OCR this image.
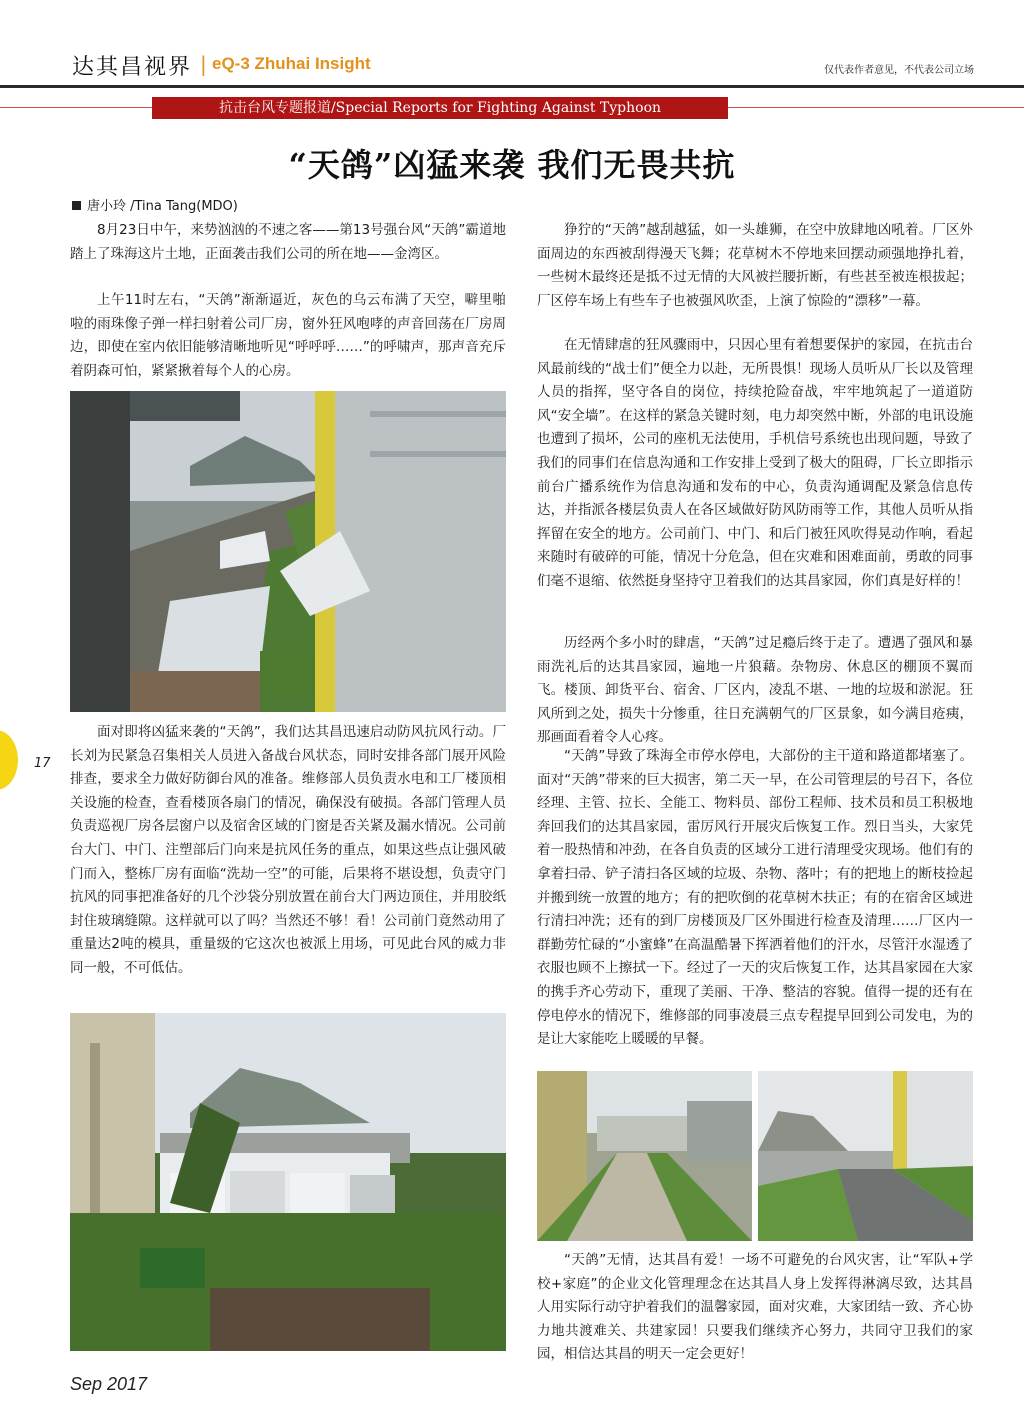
达其昌视界 | eQ-3 Zhuhai Insight	仅代表作者意见，不代表公司立场
抗击台风专题报道/Special Reports for Fighting Against Typhoon
“天鸽”凶猛来袭 我们无畏共抗
唐小玲 /Tina Tang(MDO)

8月23日中午，来势汹汹的不速之客——第13号强台风“天鸽”霸道地踏上了珠海这片土地，正面袭击我们公司的所在地——金湾区。

上午11时左右，“天鸽”渐渐逼近，灰色的乌云布满了天空，噼里啪啦的雨珠像子弹一样扫射着公司厂房，窗外狂风咆哮的声音回荡在厂房周边，即使在室内依旧能够清晰地听见“呼呼呼……”的呼啸声，那声音充斥着阴森可怕，紧紧揪着每个人的心房。

面对即将凶猛来袭的“天鸽”，我们达其昌迅速启动防风抗风行动。厂长刘为民紧急召集相关人员进入备战台风状态，同时安排各部门展开风险排查，要求全力做好防御台风的准备。维修部人员负责水电和工厂楼顶相关设施的检查，查看楼顶各扇门的情况，确保没有破损。各部门管理人员负责巡视厂房各层窗户以及宿舍区域的门窗是否关紧及漏水情况。公司前台大门、中门、注塑部后门向来是抗风任务的重点，如果这些点让强风破门而入，整栋厂房有面临“洗劫一空”的可能，后果将不堪设想，负责守门抗风的同事把准备好的几个沙袋分别放置在前台大门两边顶住，并用胶纸封住玻璃缝隙。这样就可以了吗？当然还不够！看！公司前门竟然动用了重量达2吨的模具，重量级的它这次也被派上用场，可见此台风的威力非同一般，不可低估。

狰狞的“天鸽”越刮越猛，如一头雄狮，在空中放肆地凶吼着。厂区外面周边的东西被刮得漫天飞舞；花草树木不停地来回摆动顽强地挣扎着，一些树木最终还是抵不过无情的大风被拦腰折断，有些甚至被连根拔起；厂区停车场上有些车子也被强风吹歪，上演了惊险的“漂移”一幕。

在无情肆虐的狂风骤雨中，只因心里有着想要保护的家园，在抗击台风最前线的“战士们”便全力以赴，无所畏惧！现场人员听从厂长以及管理人员的指挥，坚守各自的岗位，持续抢险奋战，牢牢地筑起了一道道防风“安全墙”。在这样的紧急关键时刻，电力却突然中断，外部的电讯设施也遭到了损坏，公司的座机无法使用，手机信号系统也出现问题，导致了我们的同事们在信息沟通和工作安排上受到了极大的阻碍，厂长立即指示前台广播系统作为信息沟通和发布的中心，负责沟通调配及紧急信息传达，并指派各楼层负责人在各区域做好防风防雨等工作，其他人员听从指挥留在安全的地方。公司前门、中门、和后门被狂风吹得晃动作响，看起来随时有破碎的可能，情况十分危急，但在灾难和困难面前，勇敢的同事们毫不退缩、依然挺身坚持守卫着我们的达其昌家园，你们真是好样的！

历经两个多小时的肆虐，“天鸽”过足瘾后终于走了。遭遇了强风和暴雨洗礼后的达其昌家园，遍地一片狼藉。杂物房、休息区的棚顶不翼而飞。楼顶、卸货平台、宿舍、厂区内，凌乱不堪、一地的垃圾和淤泥。狂风所到之处，损失十分惨重，往日充满朝气的厂区景象，如今满目疮痍，那画面看着令人心疼。

“天鸽”导致了珠海全市停水停电，大部份的主干道和路道都堵塞了。面对“天鸽”带来的巨大损害，第二天一早，在公司管理层的号召下，各位经理、主管、拉长、全能工、物料员、部份工程师、技术员和员工积极地奔回我们的达其昌家园，雷厉风行开展灾后恢复工作。烈日当头，大家凭着一股热情和冲劲，在各自负责的区域分工进行清理受灾现场。他们有的拿着扫帚、铲子清扫各区域的垃圾、杂物、落叶；有的把地上的断枝捡起并搬到统一放置的地方；有的把吹倒的花草树木扶正；有的在宿舍区域进行清扫冲洗；还有的到厂房楼顶及厂区外围进行检查及清理……厂区内一群勤劳忙碌的“小蜜蜂”在高温酷暑下挥洒着他们的汗水，尽管汗水湿透了衣服也顾不上擦拭一下。经过了一天的灾后恢复工作，达其昌家园在大家的携手齐心劳动下，重现了美丽、干净、整洁的容貌。值得一提的还有在停电停水的情况下，维修部的同事凌晨三点专程提早回到公司发电，为的是让大家能吃上暖暖的早餐。

“天鸽”无情，达其昌有爱！一场不可避免的台风灾害，让“军队+学校+家庭”的企业文化管理理念在达其昌人身上发挥得淋漓尽致，达其昌人用实际行动守护着我们的温馨家园，面对灾难，大家团结一致、齐心协力地共渡难关、共建家园！只要我们继续齐心努力，共同守卫我们的家园，相信达其昌的明天一定会更好！

17
Sep 2017
